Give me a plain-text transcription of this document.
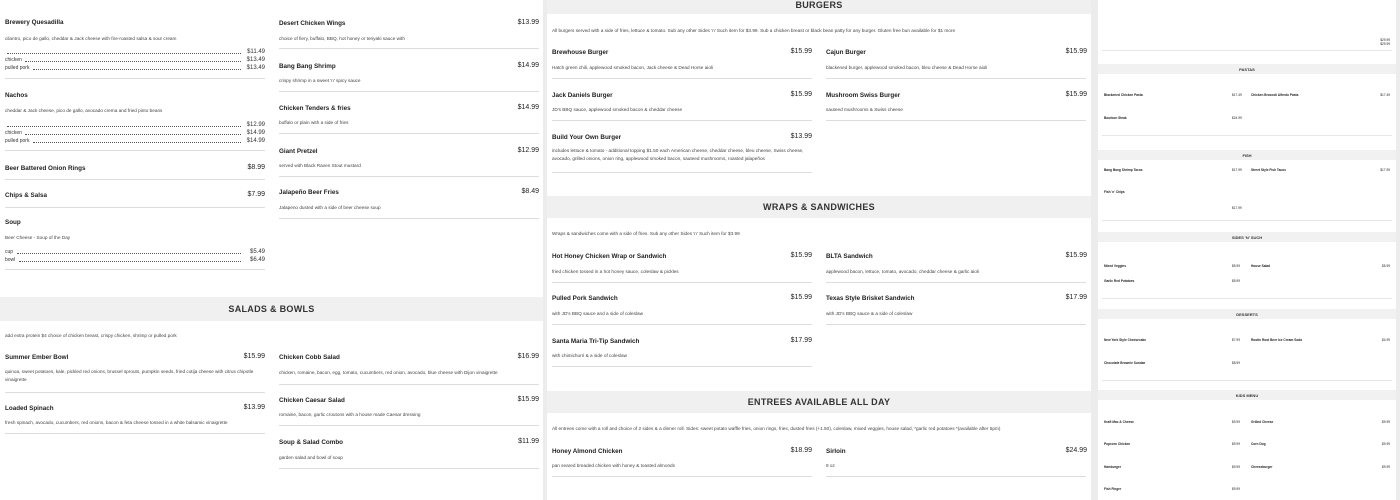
Brewery Quesadilla
cilantro, pico de gallo, cheddar & Jack cheese with fire-roasted salsa & sour cream
$11.49
chicken	$13.49
pulled pork	$13.49
Nachos
cheddar & Jack cheese, pico de gallo, avocado crema and fried pinto beans
$12.99
chicken	$14.99
pulled pork	$14.99
Beer Battered Onion Rings	$8.99
Chips & Salsa	$7.99
Soup
Beer Cheese - Soup of the Day
cup	$5.49
bowl	$6.49
Desert Chicken Wings	$13.99
choice of fiery, buffalo, BBQ, hot honey or teriyaki sauce with
Bang Bang Shrimp	$14.99
crispy shrimp in a sweet 'n' spicy sauce
Chicken Tenders & fries	$14.99
buffalo or plain with a side of fries
Giant Pretzel	$12.99
served with Black Raven Stout mustard
Jalapeño Beer Fries	$8.49
Jalapeno dusted with a side of beer cheese soup
SALADS & BOWLS
add extra protein $4 choice of chicken breast, crispy chicken, shrimp or pulled pork
Summer Ember Bowl	$15.99
quinoa, sweet potatoes, kale, pickled red onions, brussel sprouts, pumpkin seeds, fried cotija cheese with citrus chipotle vinaigrette
Chicken Cobb Salad	$16.99
chicken, romaine, bacon, egg, tomato, cucumbers, red onion, avocado, blue cheese with Dijon vinaigrette
Loaded Spinach	$13.99
fresh spinach, avocado, cucumbers, red onions, bacon & feta cheese tossed in a white balsamic vinaigrette
Chicken Caesar Salad	$15.99
romaine, bacon, garlic croutons with a house made Caesar dressing
Soup & Salad Combo	$11.99
garden salad and bowl of soup
BURGERS
All burgers served with a side of fries, lettuce & tomato. Sub any other Sides 'n' Such item for $3.99. Sub a chicken breast or black bean patty for any burger. Gluten free bun available for $1 more
Brewhouse Burger	$15.99
Hatch green chili, applewood smoked bacon, Jack cheese & Dead Horse aioli
Cajun Burger	$15.99
blackened burger, applewood smoked bacon, bleu cheese & Dead Horse aioli
Jack Daniels Burger	$15.99
JD's BBQ sauce, applewood smoked bacon & cheddar cheese
Mushroom Swiss Burger	$15.99
sauteed mushrooms & Swiss cheese
Build Your Own Burger	$13.99
includes lettuce & tomato - additional topping $1.50 each American cheese, cheddar cheese, bleu cheese, Swiss cheese, avocado, grilled onions, onion ring, applewood smoked bacon, sauteed mushrooms, roasted jalapeños
WRAPS & SANDWICHES
Wraps & sandwiches come with a side of fries. Sub any other Sides 'n' Such item for $3.99
Hot Honey Chicken Wrap or Sandwich	$15.99
fried chicken tossed in a hot honey sauce, coleslaw & pickles
BLTA Sandwich	$15.99
applewood bacon, lettuce, tomato, avocado, cheddar cheese & garlic aioli
Pulled Pork Sandwich	$15.99
with JD's BBQ sauce and a side of coleslaw
Texas Style Brisket Sandwich	$17.99
with JD's BBQ sauce & a side of coleslaw
Santa Maria Tri-Tip Sandwich	$17.99
with chimichurri & a side of coleslaw
ENTREES AVAILABLE ALL DAY
All entrees come with a roll and choice of 2 sides & a dinner roll. Sides: sweet potato waffle fries, onion rings, fries, dusted fries (+1.50), coleslaw, mixed veggies, house salad, *garlic red potatoes *(available after 5pm)
Honey Almond Chicken	$18.99
pan seared breaded chicken with honey & toasted almonds
Sirloin	$24.99
8 oz
$29.99
$29.99
PASTAS
Blackened Chicken Pasta	$17.49	Chicken Broccoli Alfredo Pasta	$17.49
Bourbon Steak	$24.99
FISH
Bang Bang Shrimp Tacos	$17.99	Street Style Fish Tacos	$17.99
Fish 'n' Chips
$17.99
SIDES 'N' SUCH
Mixed Veggies	$5.99	House Salad	$5.99
Garlic Red Potatoes	$5.99
DESSERTS
New York Style Cheesecake	$7.99	Rootin Root Beer Ice Cream Soda	$4.99
Chocolate Brownie Sundae	$8.99
KIDS MENU
Kraft Mac & Cheese	$9.99	Grilled Cheese	$9.99
Popcorn Chicken	$9.99	Corn Dog	$9.99
Hamburger	$9.99	Cheeseburger	$9.99
Fish Finger	$9.99
